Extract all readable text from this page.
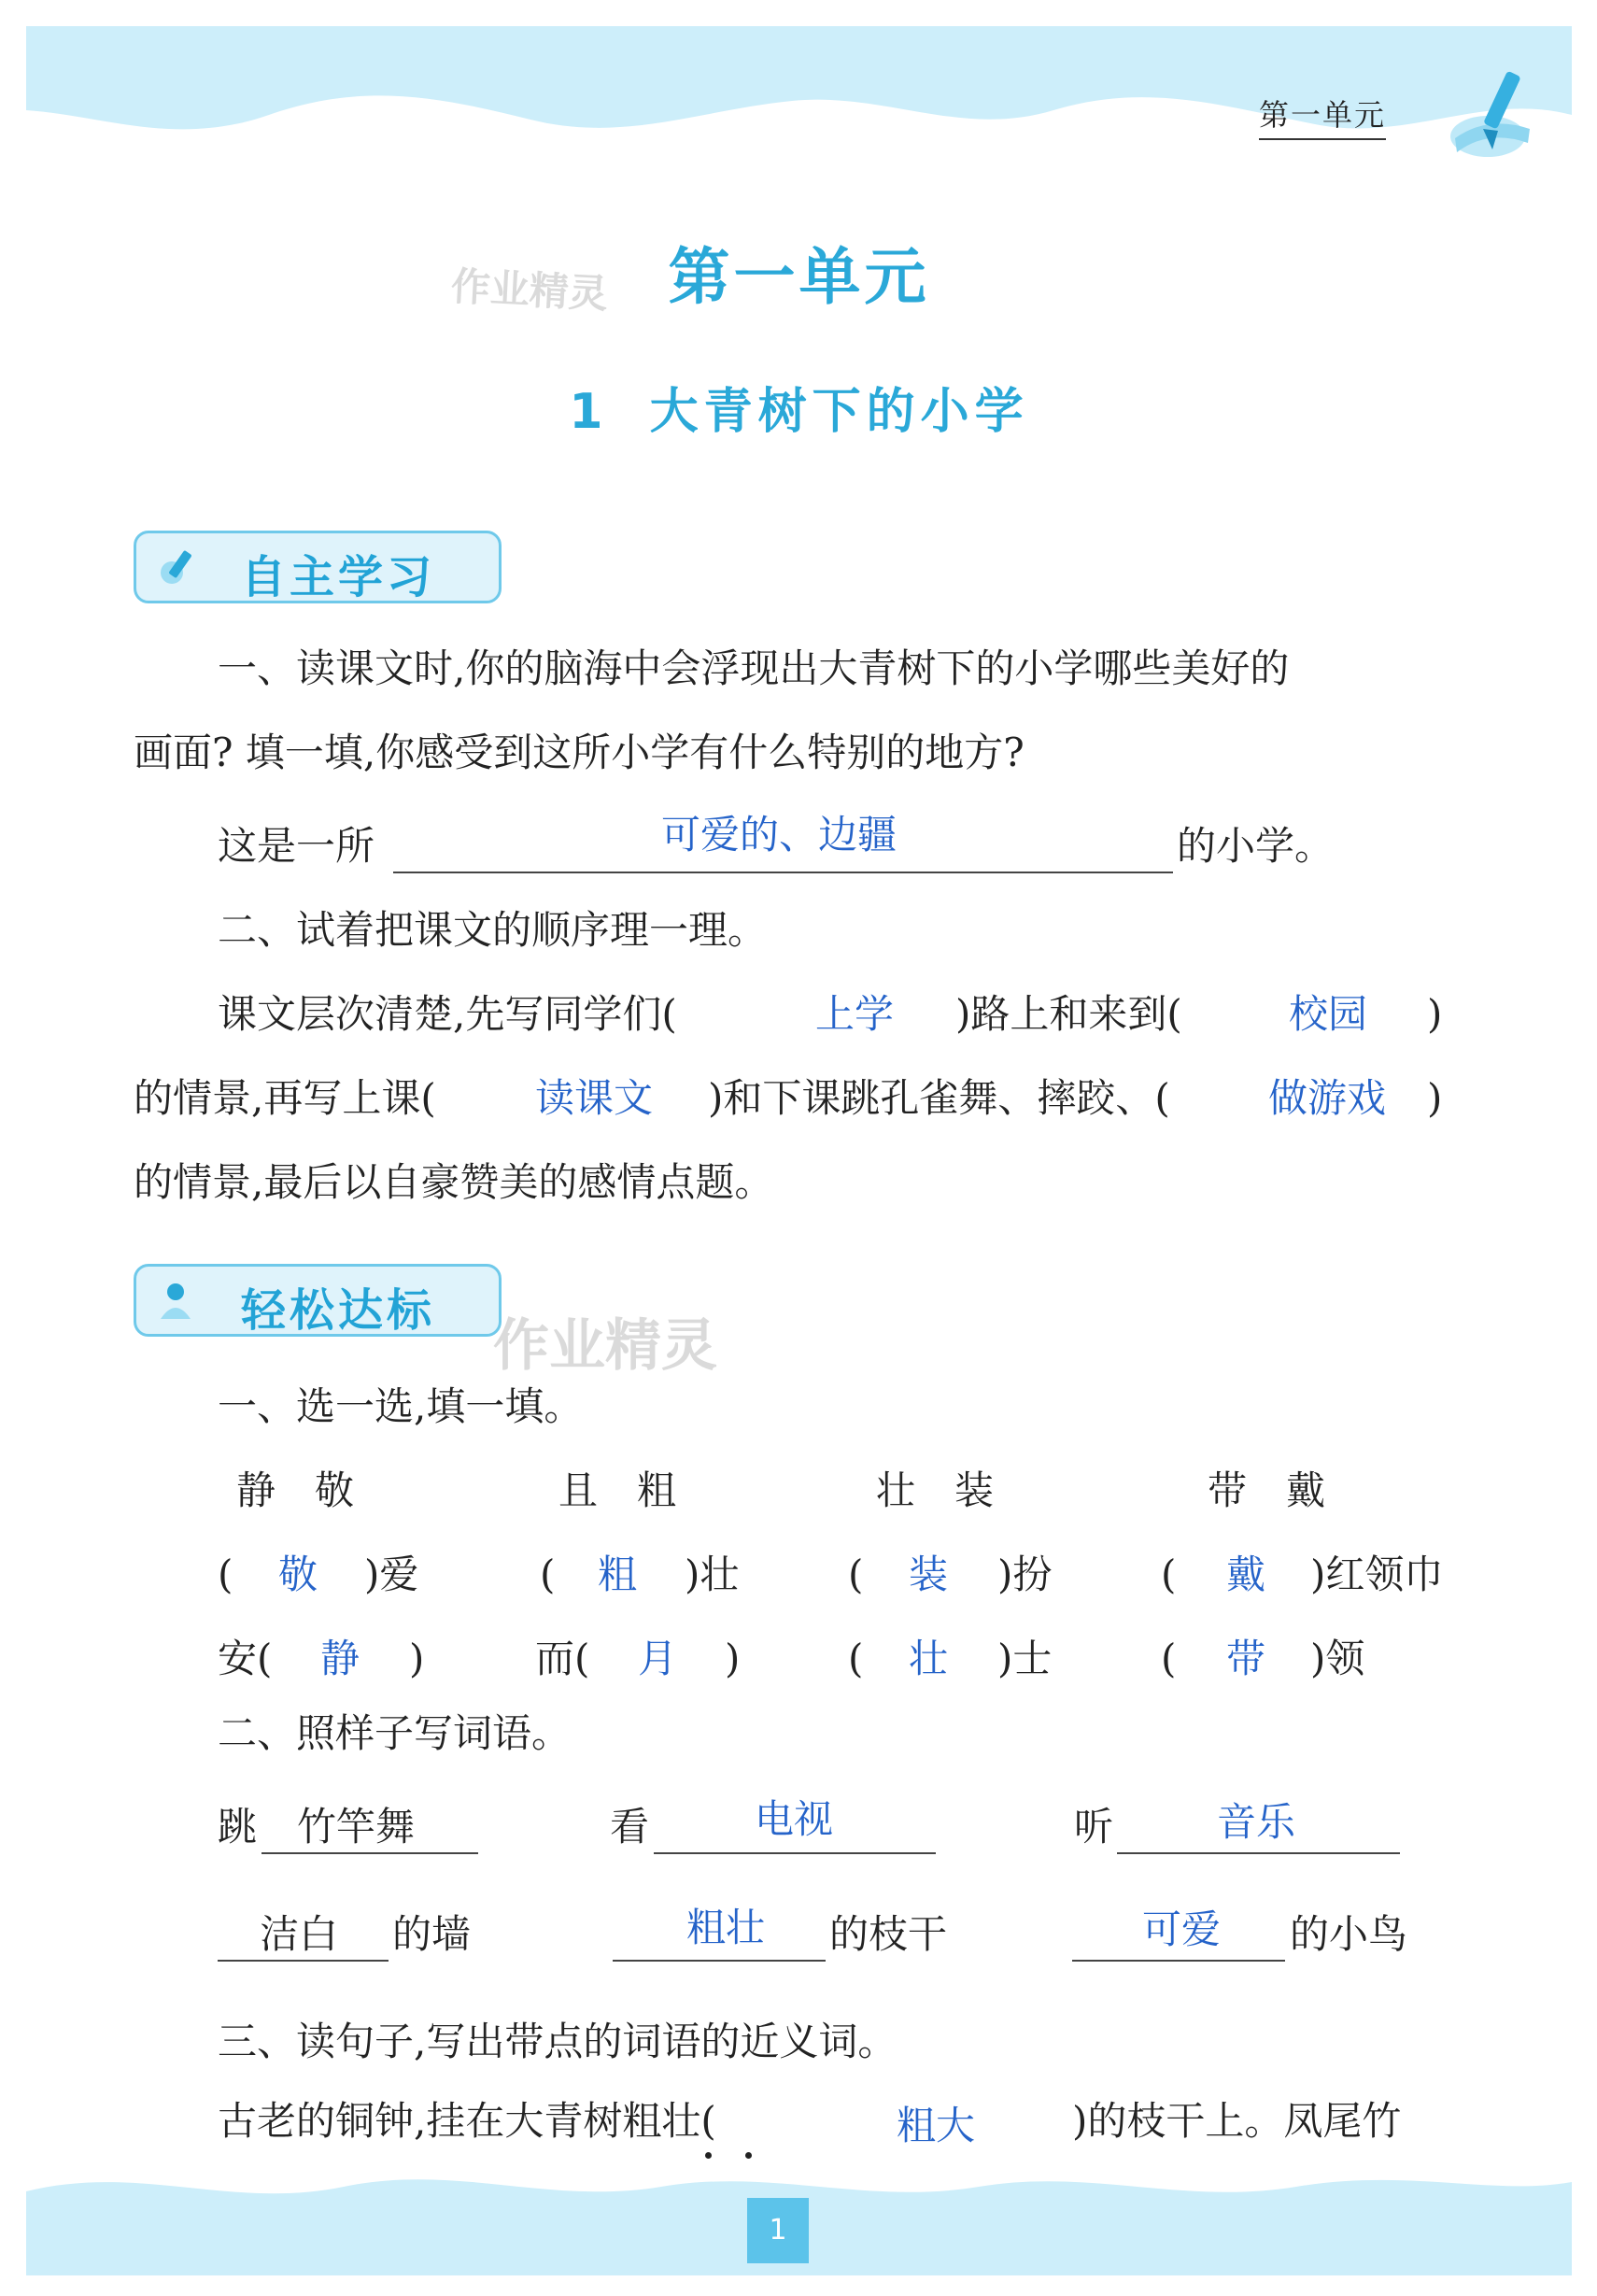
第一单元
第一单元
作业精灵
1 大青树下的小学
自主学习
一、读课文时,你的脑海中会浮现出大青树下的小学哪些美好的
画面? 填一填,你感受到这所小学有什么特别的地方?
这是一所	可爱的、边疆	的小学。
二、试着把课文的顺序理一理。
课文层次清楚,先写同学们(	上学 )路上和来到(	校园 )
的情景,再写上课(	读课文 )和下课跳孔雀舞、摔跤、(	做游戏 )
的情景,最后以自豪赞美的感情点题。
轻松达标
作业精灵
一、选一选,填一填。
静　敬	且　粗	壮　装	带　戴
( 敬 )爱	( 粗 )壮	( 装 )扮	( 戴 )红领巾
安( 静 )	而( 月 )	( 壮 )士	( 带 )领
二、照样子写词语。
跳 竹竿舞	看	电视	听	音乐
洁白 的墙	粗壮 的枝干	可爱 的小鸟
三、读句子,写出带点的词语的近义词。
古老的铜钟,挂在大青树粗壮(	粗大 )的枝干上。凤尾竹
1
